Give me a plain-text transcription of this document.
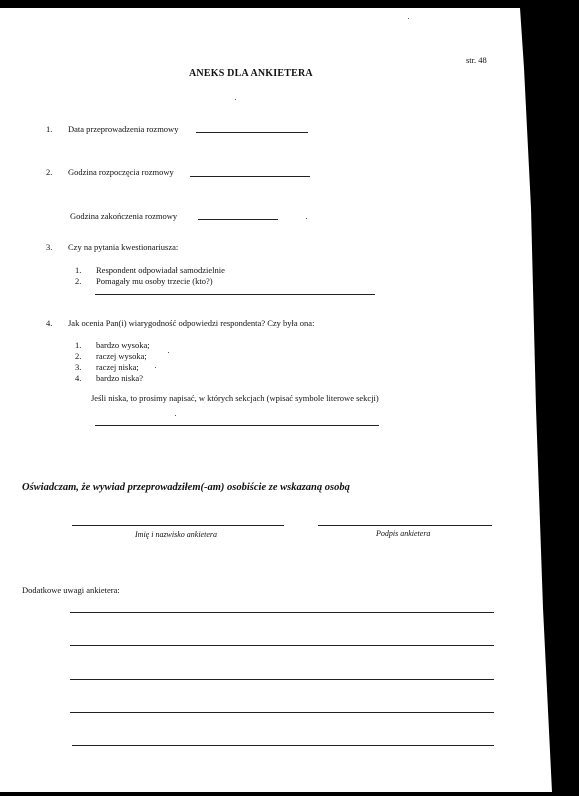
str. 48
ANEKS DLA ANKIETERA
1. Data przeprowadzenia rozmowy
2. Godzina rozpoczęcia rozmowy
Godzina zakończenia rozmowy
3. Czy na pytania kwestionariusza:
1. Respondent odpowiadał samodzielnie
2. Pomagały mu osoby trzecie (kto?)
4. Jak ocenia Pan(i) wiarygodność odpowiedzi respondenta? Czy była ona:
1. bardzo wysoka;
2. raczej wysoka;
3. raczej niska;
4. bardzo niska?
Jeśli niska, to prosimy napisać, w których sekcjach (wpisać symbole literowe sekcji)
Oświadczam, że wywiad przeprowadziłem(-am) osobiście ze wskazaną osobą
Imię i nazwisko ankietera	Podpis ankietera
Dodatkowe uwagi ankietera:
